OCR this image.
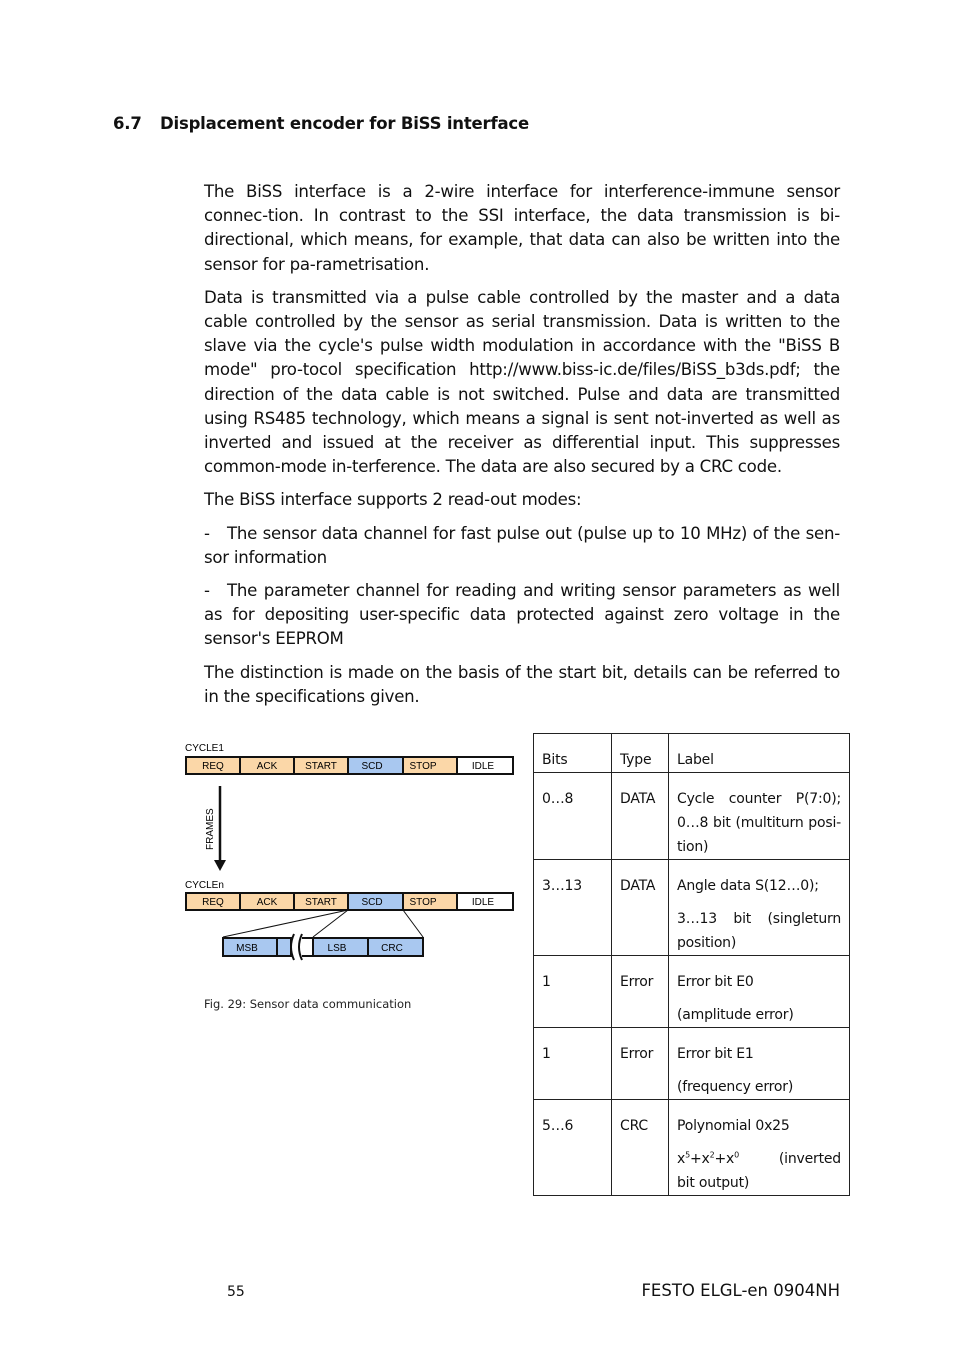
6.7 Displacement encoder for BiSS interface

The BiSS interface is a 2-wire interface for interference-immune sensor connec-tion. In contrast to the SSI interface, the data transmission is bi-directional, which means, for example, that data can also be written into the sensor for pa-rametrisation.

Data is transmitted via a pulse cable controlled by the master and a data cable controlled by the sensor as serial transmission. Data is written to the slave via the cycle's pulse width modulation in accordance with the "BiSS B mode" pro-tocol specification http://www.biss-ic.de/files/BiSS_b3ds.pdf; the direction of the data cable is not switched. Pulse and data are transmitted using RS485 technology, which means a signal is sent not-inverted as well as inverted and issued at the receiver as differential input. This suppresses common-mode in-terference. The data are also secured by a CRC code.

The BiSS interface supports 2 read-out modes:

- The sensor data channel for fast pulse out (pulse up to 10 MHz) of the sen-sor information

- The parameter channel for reading and writing sensor parameters as well as for depositing user-specific data protected against zero voltage in the sensor's EEPROM

The distinction is made on the basis of the start bit, details can be referred to in the specifications given.

CYCLE1
REQ	ACK	START SCD	STOP	IDLE
FRAMES
CYCLEn
REQ	ACK	START SCD	STOP	IDLE
MSB	LSB	CRC
Fig. 29: Sensor data communication
Bits	Type	Label
0…8	DATA	Cycle counter P(7:0); 0…8 bit (multiturn posi-tion)

3…13	DATA	Angle data S(12…0);
3…13 bit (singleturn position)

1	Error	Error bit E0
(amplitude error)

1	Error	Error bit E1
(frequency error)

5…6	CRC	Polynomial 0x25
$x^5+x^2+x^0$ (inverted bit output)
55	FESTO ELGL-en 0904NH
